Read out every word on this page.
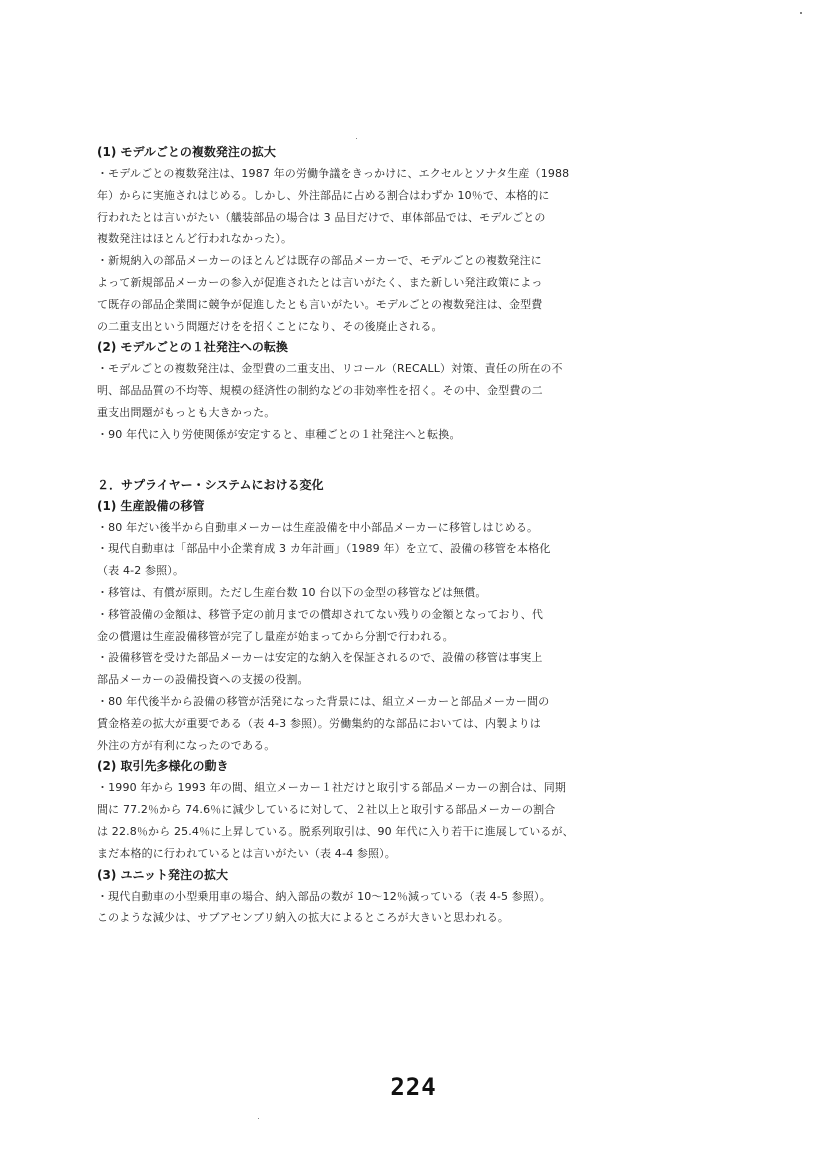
(1) モデルごとの複数発注の拡大

・モデルごとの複数発注は、1987 年の労働争議をきっかけに、エクセルとソナタ生産（1988

年）からに実施されはじめる。しかし、外注部品に占める割合はわずか 10％で、本格的に

行われたとは言いがたい（艤装部品の場合は 3 品目だけで、車体部品では、モデルごとの

複数発注はほとんど行われなかった）。

・新規納入の部品メーカーのほとんどは既存の部品メーカーで、モデルごとの複数発注に

よって新規部品メーカーの参入が促進されたとは言いがたく、また新しい発注政策によっ

て既存の部品企業間に競争が促進したとも言いがたい。モデルごとの複数発注は、金型費

の二重支出という問題だけをを招くことになり、その後廃止される。

(2) モデルごとの１社発注への転換

・モデルごとの複数発注は、金型費の二重支出、リコール（RECALL）対策、責任の所在の不

明、部品品質の不均等、規模の経済性の制約などの非効率性を招く。その中、金型費の二

重支出問題がもっとも大きかった。

・90 年代に入り労使関係が安定すると、車種ごとの１社発注へと転換。

２．サプライヤー・システムにおける変化

(1) 生産設備の移管

・80 年だい後半から自動車メーカーは生産設備を中小部品メーカーに移管しはじめる。

・現代自動車は「部品中小企業育成 3 カ年計画」（1989 年）を立て、設備の移管を本格化

（表 4-2 参照）。

・移管は、有償が原則。ただし生産台数 10 台以下の金型の移管などは無償。

・移管設備の金額は、移管予定の前月までの償却されてない残りの金額となっており、代

金の償還は生産設備移管が完了し量産が始まってから分割で行われる。

・設備移管を受けた部品メーカーは安定的な納入を保証されるので、設備の移管は事実上

部品メーカーの設備投資への支援の役割。

・80 年代後半から設備の移管が活発になった背景には、組立メーカーと部品メーカー間の

賃金格差の拡大が重要である（表 4-3 参照）。労働集約的な部品においては、内製よりは

外注の方が有利になったのである。

(2) 取引先多様化の動き

・1990 年から 1993 年の間、組立メーカー１社だけと取引する部品メーカーの割合は、同期

間に 77.2％から 74.6％に減少しているに対して、２社以上と取引する部品メーカーの割合

は 22.8％から 25.4％に上昇している。脱系列取引は、90 年代に入り若干に進展しているが、

まだ本格的に行われているとは言いがたい（表 4-4 参照）。

(3) ユニット発注の拡大

・現代自動車の小型乗用車の場合、納入部品の数が 10～12％減っている（表 4-5 参照）。

このような減少は、サブアセンブリ納入の拡大によるところが大きいと思われる。

224
